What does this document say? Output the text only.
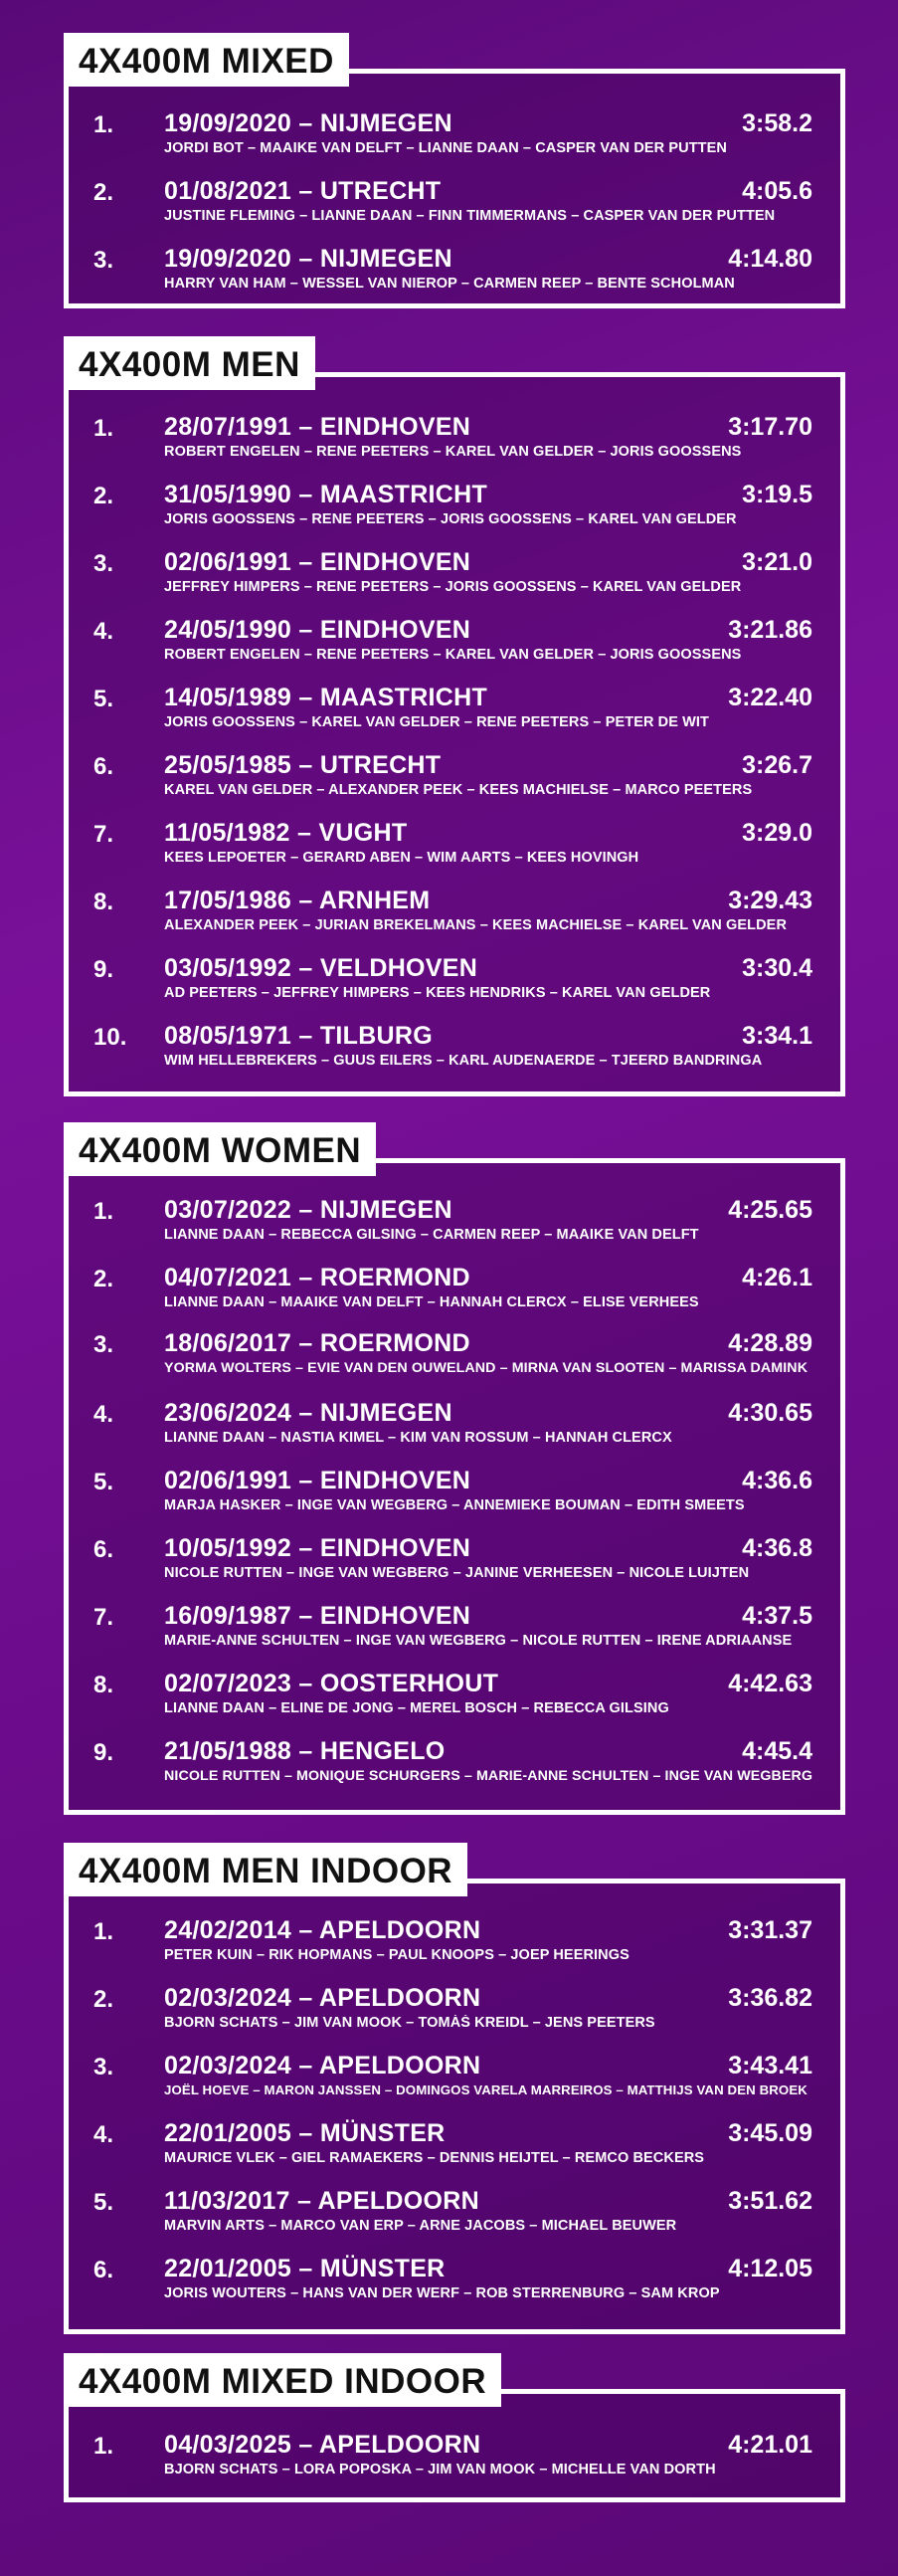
4X400M MIXED
1. 19/09/2020 – NIJMEGEN	3:58.2
JORDI BOT – MAAIKE VAN DELFT – LIANNE DAAN – CASPER VAN DER PUTTEN
2. 01/08/2021 – UTRECHT	4:05.6
JUSTINE FLEMING – LIANNE DAAN – FINN TIMMERMANS – CASPER VAN DER PUTTEN
3. 19/09/2020 – NIJMEGEN	4:14.80
HARRY VAN HAM – WESSEL VAN NIEROP – CARMEN REEP – BENTE SCHOLMAN
4X400M MEN
1. 28/07/1991 – EINDHOVEN	3:17.70
ROBERT ENGELEN – RENE PEETERS – KAREL VAN GELDER – JORIS GOOSSENS
2. 31/05/1990 – MAASTRICHT	3:19.5
JORIS GOOSSENS – RENE PEETERS – JORIS GOOSSENS – KAREL VAN GELDER
3. 02/06/1991 – EINDHOVEN	3:21.0
JEFFREY HIMPERS – RENE PEETERS – JORIS GOOSSENS – KAREL VAN GELDER
4. 24/05/1990 – EINDHOVEN	3:21.86
ROBERT ENGELEN – RENE PEETERS – KAREL VAN GELDER – JORIS GOOSSENS
5. 14/05/1989 – MAASTRICHT	3:22.40
JORIS GOOSSENS – KAREL VAN GELDER – RENE PEETERS – PETER DE WIT
6. 25/05/1985 – UTRECHT	3:26.7
KAREL VAN GELDER – ALEXANDER PEEK – KEES MACHIELSE – MARCO PEETERS
7. 11/05/1982 – VUGHT	3:29.0
KEES LEPOETER – GERARD ABEN – WIM AARTS – KEES HOVINGH
8. 17/05/1986 – ARNHEM	3:29.43
ALEXANDER PEEK – JURIAN BREKELMANS – KEES MACHIELSE – KAREL VAN GELDER
9. 03/05/1992 – VELDHOVEN	3:30.4
AD PEETERS – JEFFREY HIMPERS – KEES HENDRIKS – KAREL VAN GELDER
10. 08/05/1971 – TILBURG	3:34.1
WIM HELLEBREKERS – GUUS EILERS – KARL AUDENAERDE – TJEERD BANDRINGA
4X400M WOMEN
1. 03/07/2022 – NIJMEGEN	4:25.65
LIANNE DAAN – REBECCA GILSING – CARMEN REEP – MAAIKE VAN DELFT
2. 04/07/2021 – ROERMOND	4:26.1
LIANNE DAAN – MAAIKE VAN DELFT – HANNAH CLERCX – ELISE VERHEES
3. 18/06/2017 – ROERMOND	4:28.89
YORMA WOLTERS – EVIE VAN DEN OUWELAND – MIRNA VAN SLOOTEN – MARISSA DAMINK
4. 23/06/2024 – NIJMEGEN	4:30.65
LIANNE DAAN – NASTIA KIMEL – KIM VAN ROSSUM – HANNAH CLERCX
5. 02/06/1991 – EINDHOVEN	4:36.6
MARJA HASKER – INGE VAN WEGBERG – ANNEMIEKE BOUMAN – EDITH SMEETS
6. 10/05/1992 – EINDHOVEN	4:36.8
NICOLE RUTTEN – INGE VAN WEGBERG – JANINE VERHEESEN – NICOLE LUIJTEN
7. 16/09/1987 – EINDHOVEN	4:37.5
MARIE-ANNE SCHULTEN – INGE VAN WEGBERG – NICOLE RUTTEN – IRENE ADRIAANSE
8. 02/07/2023 – OOSTERHOUT	4:42.63
LIANNE DAAN – ELINE DE JONG – MEREL BOSCH – REBECCA GILSING
9. 21/05/1988 – HENGELO	4:45.4
NICOLE RUTTEN – MONIQUE SCHURGERS – MARIE-ANNE SCHULTEN – INGE VAN WEGBERG
4X400M MEN INDOOR
1. 24/02/2014 – APELDOORN	3:31.37
PETER KUIN – RIK HOPMANS – PAUL KNOOPS – JOEP HEERINGS
2. 02/03/2024 – APELDOORN	3:36.82
BJORN SCHATS – JIM VAN MOOK – TOMÁŠ KREIDL – JENS PEETERS
3. 02/03/2024 – APELDOORN	3:43.41
JOËL HOEVE – MARON JANSSEN – DOMINGOS VARELA MARREIROS – MATTHIJS VAN DEN BROEK
4. 22/01/2005 – MÜNSTER	3:45.09
MAURICE VLEK – GIEL RAMAEKERS – DENNIS HEIJTEL – REMCO BECKERS
5. 11/03/2017 – APELDOORN	3:51.62
MARVIN ARTS – MARCO VAN ERP – ARNE JACOBS – MICHAEL BEUWER
6. 22/01/2005 – MÜNSTER	4:12.05
JORIS WOUTERS – HANS VAN DER WERF – ROB STERRENBURG – SAM KROP
4X400M MIXED INDOOR
1. 04/03/2025 – APELDOORN	4:21.01
BJORN SCHATS – LORA POPOSKA – JIM VAN MOOK – MICHELLE VAN DORTH
